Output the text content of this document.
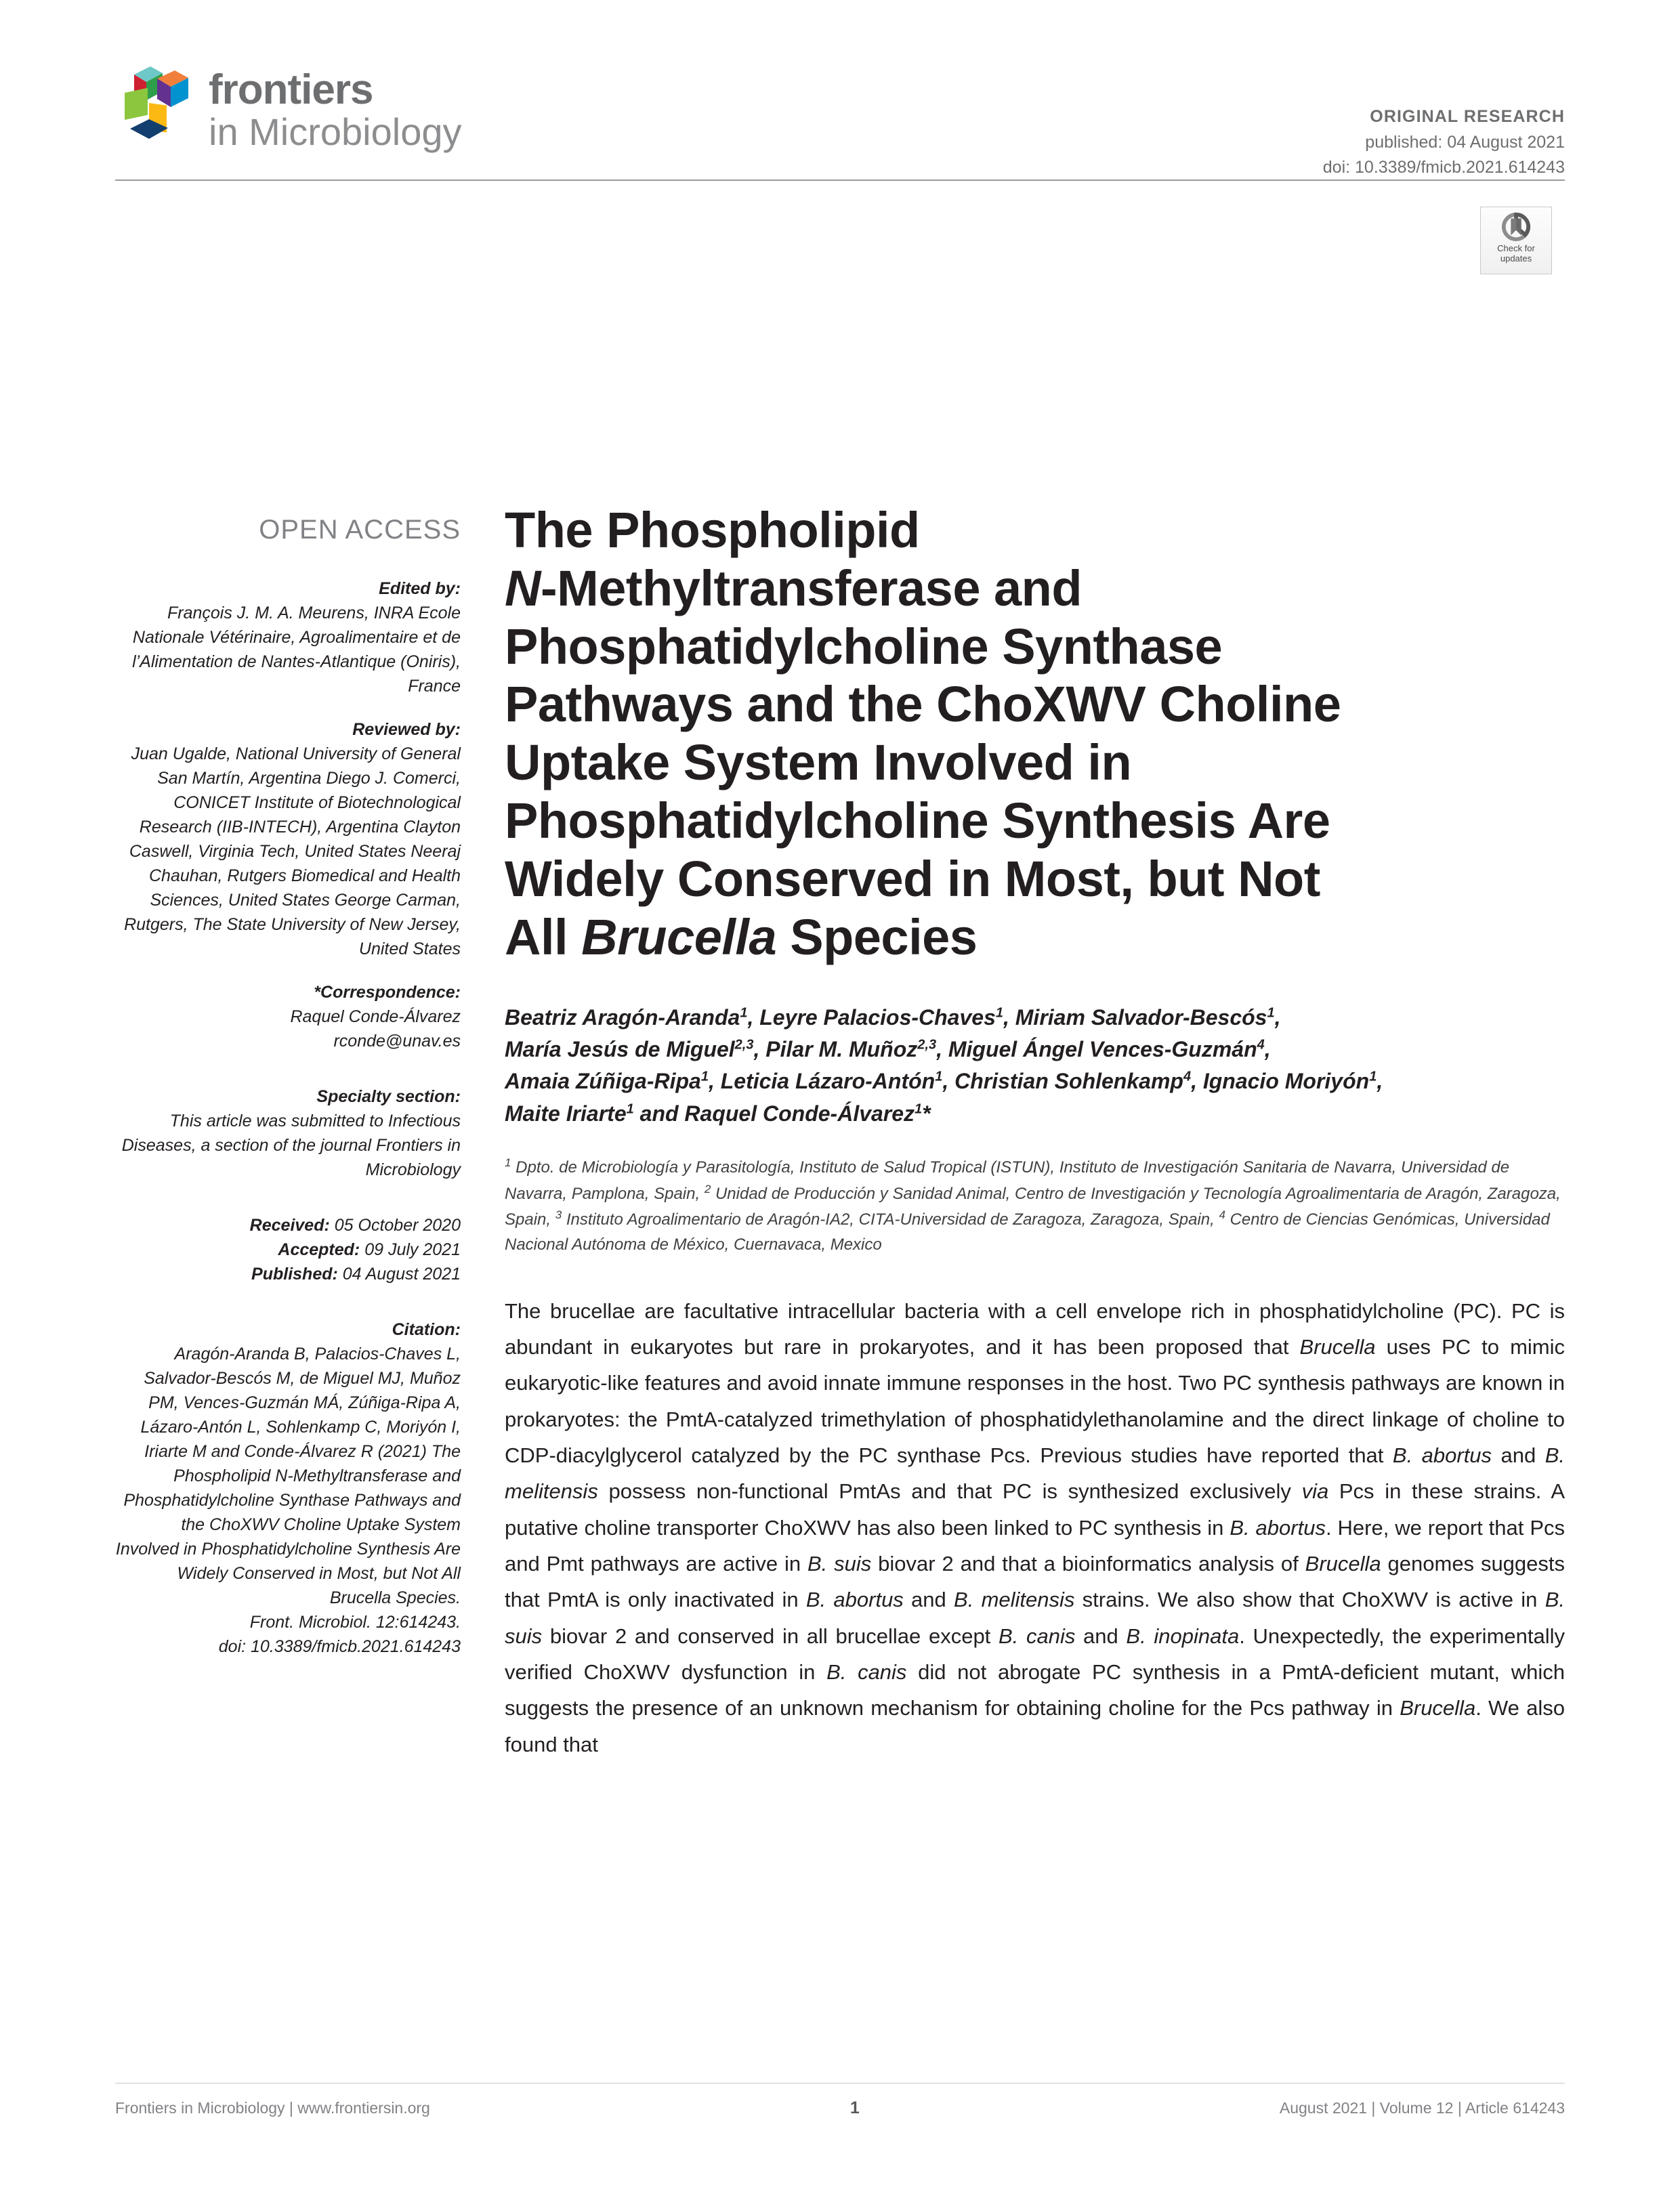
frontiers
in Microbiology	ORIGINAL RESEARCH
published: 04 August 2021
doi: 10.3389/fmicb.2021.614243
Check for
updates
OPEN ACCESS
Edited by:
François J. M. A. Meurens, INRA Ecole Nationale Vétérinaire, Agroalimentaire et de l’Alimentation de Nantes-Atlantique (Oniris), France
Reviewed by:
Juan Ugalde, National University of General San Martín, Argentina Diego J. Comerci, CONICET Institute of Biotechnological Research (IIB-INTECH), Argentina Clayton Caswell, Virginia Tech, United States Neeraj Chauhan, Rutgers Biomedical and Health Sciences, United States George Carman, Rutgers, The State University of New Jersey, United States
*Correspondence:
Raquel Conde-Álvarez
rconde@unav.es
Specialty section:
This article was submitted to Infectious Diseases, a section of the journal Frontiers in Microbiology
Received: 05 October 2020
Accepted: 09 July 2021
Published: 04 August 2021
Citation:
Aragón-Aranda B, Palacios-Chaves L, Salvador-Bescós M, de Miguel MJ, Muñoz PM, Vences-Guzmán MÁ, Zúñiga-Ripa A, Lázaro-Antón L, Sohlenkamp C, Moriyón I, Iriarte M and Conde-Álvarez R (2021) The Phospholipid N-Methyltransferase and Phosphatidylcholine Synthase Pathways and the ChoXWV Choline Uptake System Involved in Phosphatidylcholine Synthesis Are Widely Conserved in Most, but Not All Brucella Species.
Front. Microbiol. 12:614243.
doi: 10.3389/fmicb.2021.614243
The Phospholipid
N-Methyltransferase and
Phosphatidylcholine Synthase
Pathways and the ChoXWV Choline
Uptake System Involved in
Phosphatidylcholine Synthesis Are
Widely Conserved in Most, but Not
All Brucella Species
Beatriz Aragón-Aranda$^1$, Leyre Palacios-Chaves$^1$, Miriam Salvador-Bescós$^1$,
María Jesús de Miguel$^{2,3}$, Pilar M. Muñoz$^{2,3}$, Miguel Ángel Vences-Guzmán$^4$,
Amaia Zúñiga-Ripa$^1$, Leticia Lázaro-Antón$^1$, Christian Sohlenkamp$^4$, Ignacio Moriyón$^1$,
Maite Iriarte$^1$ and Raquel Conde-Álvarez$^1$*
$^1$ Dpto. de Microbiología y Parasitología, Instituto de Salud Tropical (ISTUN), Instituto de Investigación Sanitaria de Navarra, Universidad de Navarra, Pamplona, Spain, $^2$ Unidad de Producción y Sanidad Animal, Centro de Investigación y Tecnología Agroalimentaria de Aragón, Zaragoza, Spain, $^3$ Instituto Agroalimentario de Aragón-IA2, CITA-Universidad de Zaragoza, Zaragoza, Spain, $^4$ Centro de Ciencias Genómicas, Universidad Nacional Autónoma de México, Cuernavaca, Mexico
The brucellae are facultative intracellular bacteria with a cell envelope rich in phosphatidylcholine (PC). PC is abundant in eukaryotes but rare in prokaryotes, and it has been proposed that Brucella uses PC to mimic eukaryotic-like features and avoid innate immune responses in the host. Two PC synthesis pathways are known in prokaryotes: the PmtA-catalyzed trimethylation of phosphatidylethanolamine and the direct linkage of choline to CDP-diacylglycerol catalyzed by the PC synthase Pcs. Previous studies have reported that B. abortus and B. melitensis possess non-functional PmtAs and that PC is synthesized exclusively via Pcs in these strains. A putative choline transporter ChoXWV has also been linked to PC synthesis in B. abortus. Here, we report that Pcs and Pmt pathways are active in B. suis biovar 2 and that a bioinformatics analysis of Brucella genomes suggests that PmtA is only inactivated in B. abortus and B. melitensis strains. We also show that ChoXWV is active in B. suis biovar 2 and conserved in all brucellae except B. canis and B. inopinata. Unexpectedly, the experimentally verified ChoXWV dysfunction in B. canis did not abrogate PC synthesis in a PmtA-deficient mutant, which suggests the presence of an unknown mechanism for obtaining choline for the Pcs pathway in Brucella. We also found that
Frontiers in Microbiology | www.frontiersin.org	1	August 2021 | Volume 12 | Article 614243
